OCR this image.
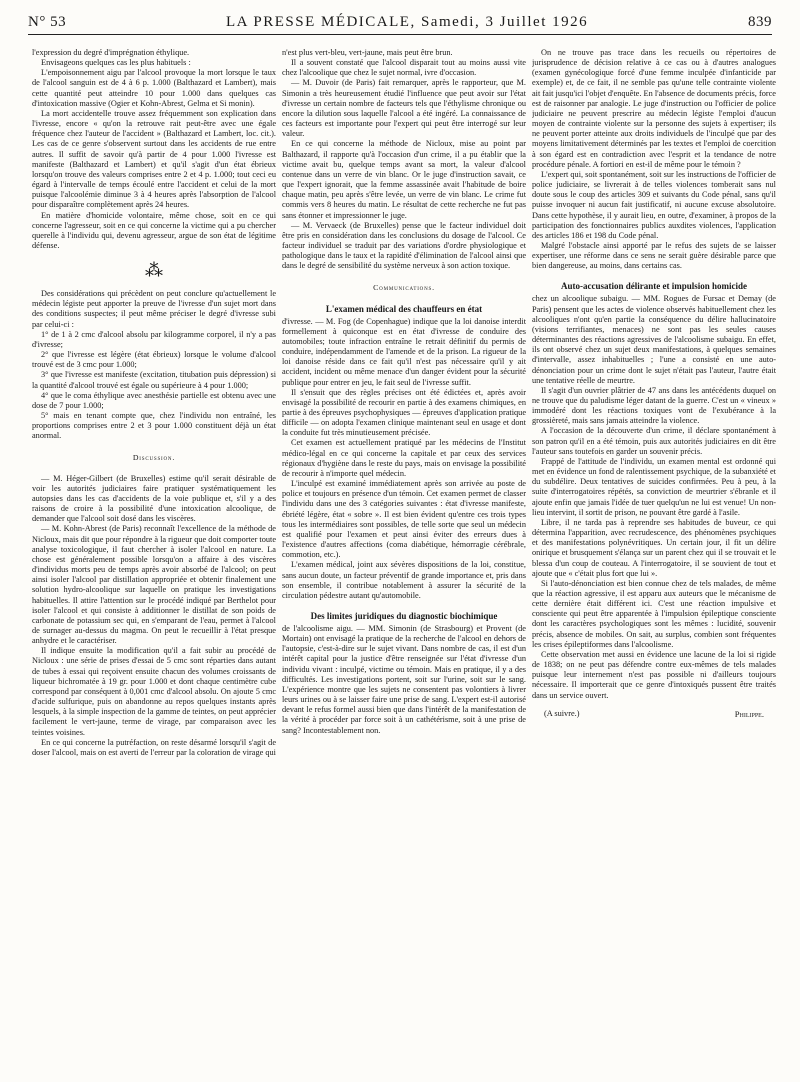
N° 53	LA PRESSE MÉDICALE, Samedi, 3 Juillet 1926	839

l'expression du degré d'imprégnation éthylique.

Envisageons quelques cas les plus habituels :

L'empoisonnement aigu par l'alcool provoque la mort lorsque le taux de l'alcool sanguin est de 4 à 6 p. 1.000 (Balthazard et Lambert), mais cette quantité peut atteindre 10 pour 1.000 dans quelques cas d'intoxication massive (Ogier et Kohn-Abrest, Gelma et Si monin).

La mort accidentelle trouve assez fréquemment son explication dans l'ivresse, encore « qu'on la retrouve rait peut-être avec une égale fréquence chez l'auteur de l'accident » (Balthazard et Lambert, loc. cit.). Les cas de ce genre s'observent surtout dans les accidents de rue entre autres. Il suffit de savoir qu'à partir de 4 pour 1.000 l'ivresse est manifeste (Balthazard et Lambert) et qu'il s'agit d'un état ébrieux lorsqu'on trouve des valeurs comprises entre 2 et 4 p. 1.000; tout ceci eu égard à l'intervalle de temps écoulé entre l'accident et celui de la mort puisque l'alcoolémie diminue 3 à 4 heures après l'absorption de l'alcool pour disparaître complètement après 24 heures.

En matière d'homicide volontaire, même chose, soit en ce qui concerne l'agresseur, soit en ce qui concerne la victime qui a pu chercher querelle à l'individu qui, devenu agresseur, argue de son état de légitime défense.

⁂

Des considérations qui précèdent on peut conclure qu'actuellement le médecin légiste peut apporter la preuve de l'ivresse d'un sujet mort dans des conditions suspectes; il peut même préciser le degré d'ivresse subi par celui-ci :

1° de 1 à 2 cmc d'alcool absolu par kilogramme corporel, il n'y a pas d'ivresse;

2° que l'ivresse est légère (état ébrieux) lorsque le volume d'alcool trouvé est de 3 cmc pour 1.000;

3° que l'ivresse est manifeste (excitation, titubation puis dépression) si la quantité d'alcool trouvé est égale ou supérieure à 4 pour 1.000;

4° que le coma éthylique avec anesthésie partielle est obtenu avec une dose de 7 pour 1.000;

5° mais en tenant compte que, chez l'individu non entraîné, les proportions comprises entre 2 et 3 pour 1.000 constituent déjà un état anormal.

Discussion.

— M. Héger-Gilbert (de Bruxelles) estime qu'il serait désirable de voir les autorités judiciaires faire pratiquer systématiquement les autopsies dans les cas d'accidents de la voie publique et, s'il y a des raisons de croire à la possibilité d'une intoxication alcoolique, de demander que l'alcool soit dosé dans les viscères.

— M. Kohn-Abrest (de Paris) reconnaît l'excellence de la méthode de Nicloux, mais dit que pour répondre à la rigueur que doit comporter toute analyse toxicologique, il faut chercher à isoler l'alcool en nature. La chose est généralement possible lorsqu'on a affaire à des viscères d'individus morts peu de temps après avoir absorbé de l'alcool; on peut ainsi isoler l'alcool par distillation appropriée et obtenir finalement une solution hydro-alcoolique sur laquelle on pratique les investigations habituelles. Il attire l'attention sur le procédé indiqué par Berthelot pour isoler l'alcool et qui consiste à additionner le distillat de son poids de carbonate de potassium sec qui, en s'emparant de l'eau, permet à l'alcool de surnager au-dessus du magma. On peut le recueillir à l'état presque anhydre et le caractériser.

Il indique ensuite la modification qu'il a fait subir au procédé de Nicloux : une série de prises d'essai de 5 cmc sont réparties dans autant de tubes à essai qui reçoivent ensuite chacun des volumes croissants de liqueur bichromatée à 19 gr. pour 1.000 et dont chaque centimètre cube correspond par conséquent à 0,001 cmc d'alcool absolu. On ajoute 5 cmc d'acide sulfurique, puis on abandonne au repos quelques instants après lesquels, à la simple inspection de la gamme de teintes, on peut apprécier facilement le vert-jaune, terme de virage, par comparaison avec les teintes voisines.

En ce qui concerne la putréfaction, on reste désarmé lorsqu'il s'agit de doser l'alcool, mais on est averti de l'erreur par la coloration de virage qui

n'est plus vert-bleu, vert-jaune, mais peut être brun.

Il a souvent constaté que l'alcool disparait tout au moins aussi vite chez l'alcoolique que chez le sujet normal, ivre d'occasion.

— M. Duvoir (de Paris) fait remarquer, après le rapporteur, que M. Simonin a très heureusement étudié l'influence que peut avoir sur l'état d'ivresse un certain nombre de facteurs tels que l'éthylisme chronique ou encore la dilution sous laquelle l'alcool a été ingéré. La connaissance de ces facteurs est importante pour l'expert qui peut être interrogé sur leur valeur.

En ce qui concerne la méthode de Nicloux, mise au point par Balthazard, il rapporte qu'à l'occasion d'un crime, il a pu établir que la victime avait bu, quelque temps avant sa mort, la valeur d'alcool contenue dans un verre de vin blanc. Or le juge d'instruction savait, ce que l'expert ignorait, que la femme assassinée avait l'habitude de boire chaque matin, peu après s'être levée, un verre de vin blanc. Le crime fut commis vers 8 heures du matin. Le résultat de cette recherche ne fut pas sans étonner et impressionner le juge.

— M. Vervaeck (de Bruxelles) pense que le facteur individuel doit être pris en considération dans les conclusions du dosage de l'alcool. Ce facteur individuel se traduit par des variations d'ordre physiologique et pathologique dans le taux et la rapidité d'élimination de l'alcool ainsi que dans le degré de sensibilité du système nerveux à son action toxique.

Communications.
L'examen médical des chauffeurs en état

d'ivresse. — M. Fog (de Copenhague) indique que la loi danoise interdit formellement à quiconque est en état d'ivresse de conduire des automobiles; toute infraction entraîne le retrait définitif du permis de conduire, indépendamment de l'amende et de la prison. La rigueur de la loi danoise réside dans ce fait qu'il n'est pas nécessaire qu'il y ait accident, incident ou même menace d'un danger évident pour la sécurité publique pour entrer en jeu, le fait seul de l'ivresse suffit.

Il s'ensuit que des règles précises ont été édictées et, après avoir envisagé la possibilité de recourir en partie à des examens chimiques, en partie à des épreuves psychophysiques — épreuves d'application pratique difficile — on adopta l'examen clinique maintenant seul en usage et dont la conduite fut très minutieusement précisée.

Cet examen est actuellement pratiqué par les médecins de l'Institut médico-légal en ce qui concerne la capitale et par ceux des services régionaux d'hygiène dans le reste du pays, mais on envisage la possibilité de recourir à n'importe quel médecin.

L'inculpé est examiné immédiatement après son arrivée au poste de police et toujours en présence d'un témoin. Cet examen permet de classer l'individu dans une des 3 catégories suivantes : état d'ivresse manifeste, ébriété légère, état « sobre ». Il est bien évident qu'entre ces trois types tous les intermédiaires sont possibles, de telle sorte que seul un médecin est qualifié pour l'examen et peut ainsi éviter des erreurs dues à l'existence d'autres affections (coma diabétique, hémorragie cérébrale, commotion, etc.).

L'examen médical, joint aux sévères dispositions de la loi, constitue, sans aucun doute, un facteur préventif de grande importance et, pris dans son ensemble, il contribue notablement à assurer la sécurité de la circulation pédestre autant qu'automobile.

Des limites juridiques du diagnostic biochimique

de l'alcoolisme aigu. — MM. Simonin (de Strasbourg) et Provent (de Mortain) ont envisagé la pratique de la recherche de l'alcool en dehors de l'autopsie, c'est-à-dire sur le sujet vivant. Dans nombre de cas, il est d'un intérêt capital pour la justice d'être renseignée sur l'état d'ivresse d'un individu vivant : inculpé, victime ou témoin. Mais en pratique, il y a des difficultés. Les investigations portent, soit sur l'urine, soit sur le sang. L'expérience montre que les sujets ne consentent pas volontiers à livrer leurs urines ou à se laisser faire une prise de sang. L'expert est-il autorisé devant le refus formel aussi bien que dans l'intérêt de la manifestation de la vérité à procéder par force soit à un cathétérisme, soit à une prise de sang? Incontestablement non.

On ne trouve pas trace dans les recueils ou répertoires de jurisprudence de décision relative à ce cas ou à d'autres analogues (examen gynécologique forcé d'une femme inculpée d'infanticide par exemple) et, de ce fait, il ne semble pas qu'une telle contrainte violente ait fait jusqu'ici l'objet d'enquête. En l'absence de documents précis, force est de raisonner par analogie. Le juge d'instruction ou l'officier de police judiciaire ne peuvent prescrire au médecin légiste l'emploi d'aucun moyen de contrainte violente sur la personne des sujets à expertiser; ils ne peuvent porter atteinte aux droits individuels de l'inculpé que par des moyens limitativement déterminés par les textes et l'emploi de coercition à son égard est en contradiction avec l'esprit et la tendance de notre procédure pénale. A fortiori en est-il de même pour le témoin ?

L'expert qui, soit spontanément, soit sur les instructions de l'officier de police judiciaire, se livrerait à de telles violences tomberait sans nul doute sous le coup des articles 309 et suivants du Code pénal, sans qu'il puisse invoquer ni aucun fait justificatif, ni aucune excuse absolutoire. Dans cette hypothèse, il y aurait lieu, en outre, d'examiner, à propos de la participation des fonctionnaires publics auxdites violences, l'application des articles 186 et 198 du Code pénal.

Malgré l'obstacle ainsi apporté par le refus des sujets de se laisser expertiser, une réforme dans ce sens ne serait guère désirable parce que bien dangereuse, au moins, dans certains cas.

Auto-accusation délirante et impulsion homicide

chez un alcoolique subaigu. — MM. Rogues de Fursac et Demay (de Paris) pensent que les actes de violence observés habituellement chez les alcooliques n'ont qu'en partie la conséquence du délire hallucinatoire (visions terrifiantes, menaces) ne sont pas les seules causes déterminantes des réactions agressives de l'alcoolisme subaigu. En effet, ils ont observé chez un sujet deux manifestations, à quelques semaines d'intervalle, assez inhabituelles ; l'une a consisté en une auto-dénonciation pour un crime dont le sujet n'était pas l'auteur, l'autre était une tentative réelle de meurtre.

Il s'agit d'un ouvrier plâtrier de 47 ans dans les antécédents duquel on ne trouve que du paludisme léger datant de la guerre. C'est un « vineux » immodéré dont les réactions toxiques vont de l'exubérance à la grossièreté, mais sans jamais atteindre la violence.

A l'occasion de la découverte d'un crime, il déclare spontanément à son patron qu'il en a été témoin, puis aux autorités judiciaires en dit être l'auteur sans toutefois en garder un souvenir précis.

Frappé de l'attitude de l'individu, un examen mental est ordonné qui met en évidence un fond de ralentissement psychique, de la subanxiété et du subdélire. Deux tentatives de suicides confirmées. Peu à peu, à la suite d'interrogatoires répétés, sa conviction de meurtrier s'ébranle et il ajoute enfin que jamais l'idée de tuer quelqu'un ne lui est venue! Un non-lieu intervint, il sortit de prison, ne pouvant être gardé à l'asile.

Libre, il ne tarda pas à reprendre ses habitudes de buveur, ce qui détermina l'apparition, avec recrudescence, des phénomènes psychiques et des manifestations polynévritiques. Un certain jour, il fit un délire onirique et brusquement s'élança sur un parent chez qui il se trouvait et le blessa d'un coup de couteau. A l'interrogatoire, il se souvient de tout et ajoute que « c'était plus fort que lui ».

Si l'auto-dénonciation est bien connue chez de tels malades, de même que la réaction agressive, il est apparu aux auteurs que le mécanisme de cette dernière était différent ici. C'est une réaction impulsive et consciente qui peut être apparentée à l'impulsion épileptique consciente dont les caractères psychologiques sont les mêmes : lucidité, souvenir précis, absence de mobiles. On sait, au surplus, combien sont fréquentes les crises épileptiformes dans l'alcoolisme.

Cette observation met aussi en évidence une lacune de la loi si rigide de 1838; on ne peut pas défendre contre eux-mêmes de tels malades puisque leur internement n'est pas possible ni d'ailleurs toujours nécessaire. Il importerait que ce genre d'intoxiqués pussent être traités dans un service ouvert.

(A suivre.)	Philippe.
